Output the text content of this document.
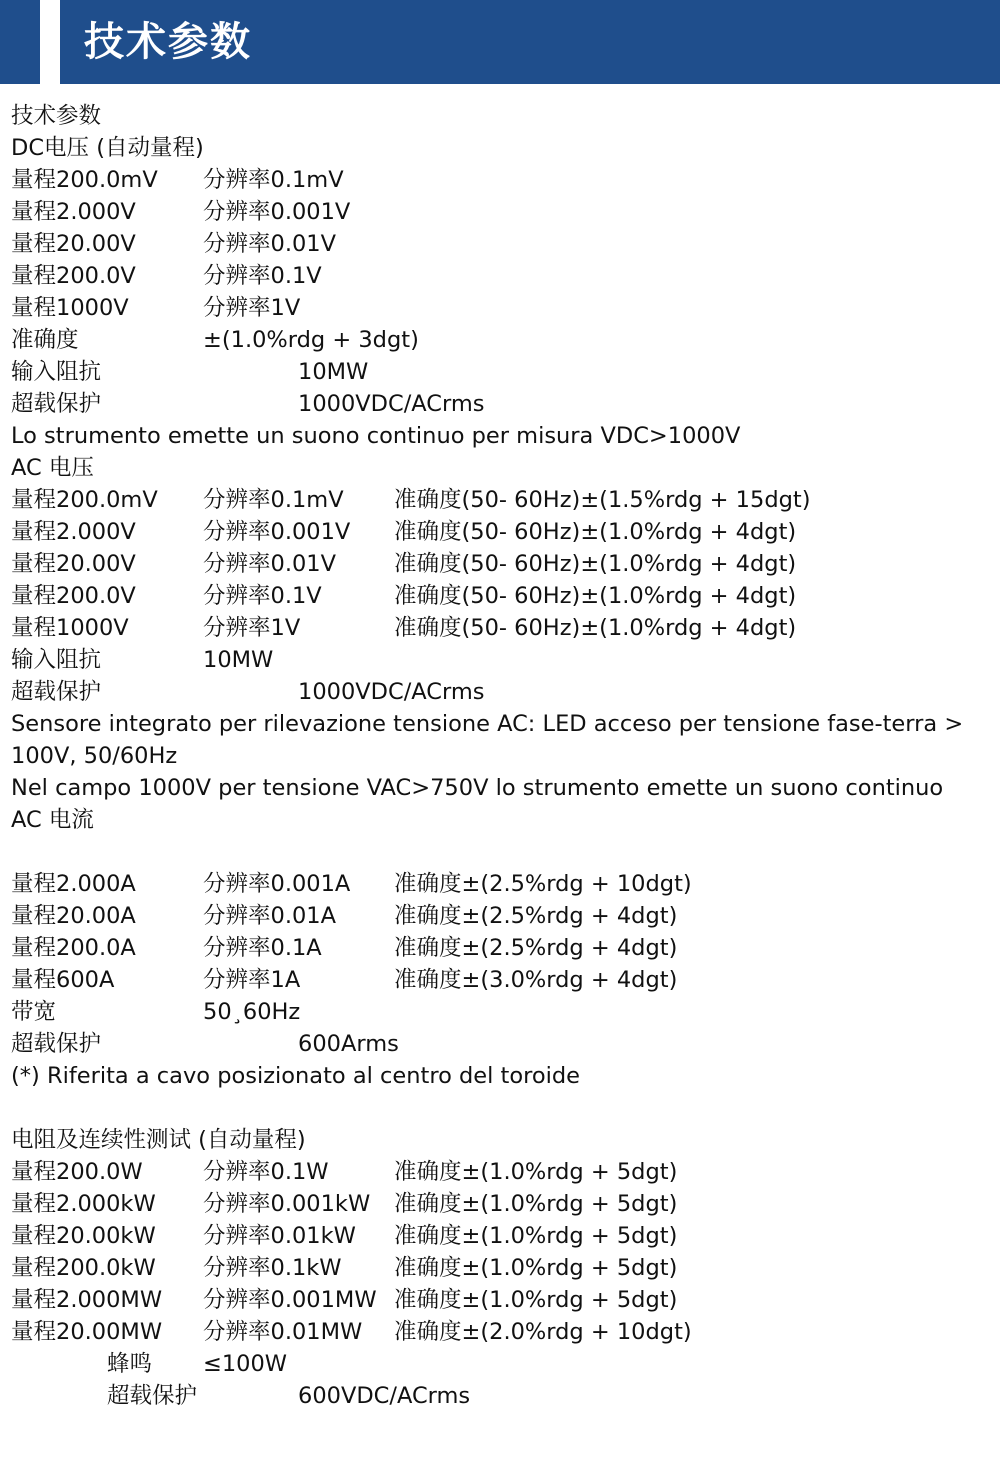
技术参数
技术参数
DC电压 (自动量程)
量程200.0mV 分辨率0.1mV
量程2.000V	分辨率0.001V
量程20.00V	分辨率0.01V
量程200.0V	分辨率0.1V
量程1000V	分辨率1V
准确度	±(1.0%rdg + 3dgt)
输入阻抗	10MW
超载保护	1000VDC/ACrms
Lo strumento emette un suono continuo per misura VDC>1000V
AC 电压
量程200.0mV 分辨率0.1mV 准确度(50- 60Hz)±(1.5%rdg + 15dgt)
量程2.000V	分辨率0.001V 准确度(50- 60Hz)±(1.0%rdg + 4dgt)
量程20.00V	分辨率0.01V	准确度(50- 60Hz)±(1.0%rdg + 4dgt)
量程200.0V	分辨率0.1V	准确度(50- 60Hz)±(1.0%rdg + 4dgt)
量程1000V	分辨率1V	准确度(50- 60Hz)±(1.0%rdg + 4dgt)
输入阻抗	10MW
超载保护	1000VDC/ACrms
Sensore integrato per rilevazione tensione AC: LED acceso per tensione fase-terra > 100V, 50/60Hz
Nel campo 1000V per tensione VAC>750V lo strumento emette un suono continuo
AC 电流
量程2.000A	分辨率0.001A 准确度±(2.5%rdg + 10dgt)
量程20.00A	分辨率0.01A	准确度±(2.5%rdg + 4dgt)
量程200.0A	分辨率0.1A	准确度±(2.5%rdg + 4dgt)
量程600A	分辨率1A	准确度±(3.0%rdg + 4dgt)
带宽	50¸60Hz
超载保护	600Arms
(*) Riferita a cavo posizionato al centro del toroide
电阻及连续性测试 (自动量程)
量程200.0W	分辨率0.1W	准确度±(1.0%rdg + 5dgt)
量程2.000kW 分辨率0.001kW 准确度±(1.0%rdg + 5dgt)
量程20.00kW 分辨率0.01kW 准确度±(1.0%rdg + 5dgt)
量程200.0kW 分辨率0.1kW 准确度±(1.0%rdg + 5dgt)
量程2.000MW 分辨率0.001MW 准确度±(1.0%rdg + 5dgt)
量程20.00MW 分辨率0.01MW 准确度±(2.0%rdg + 10dgt)
蜂鸣 ≤100W
超载保护	600VDC/ACrms
